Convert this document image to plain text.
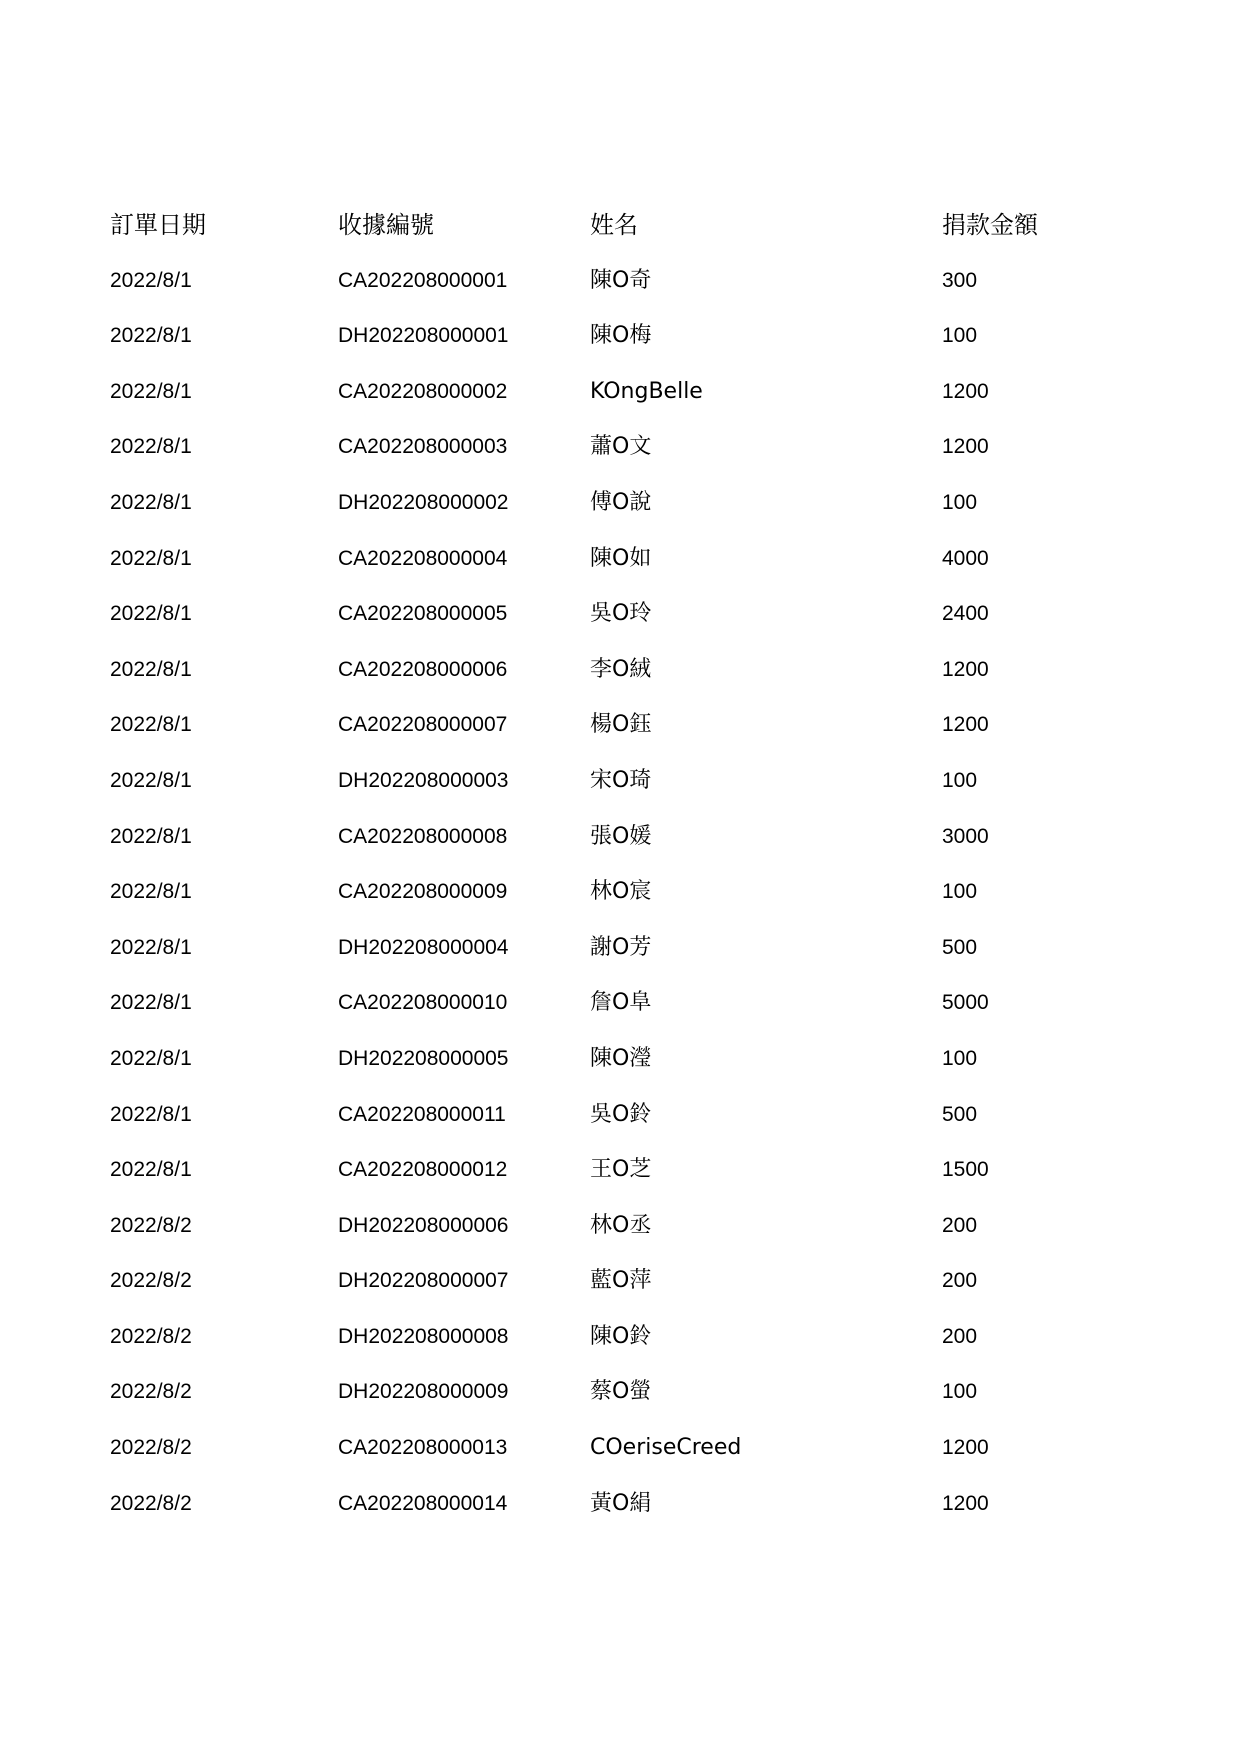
訂單日期	收據編號	姓名	捐款金額
2022/8/1	CA202208000001	陳O奇	300
2022/8/1	DH202208000001	陳O梅	100
2022/8/1	CA202208000002	KOngBelle	1200
2022/8/1	CA202208000003	蕭O文	1200
2022/8/1	DH202208000002	傅O說	100
2022/8/1	CA202208000004	陳O如	4000
2022/8/1	CA202208000005	吳O玲	2400
2022/8/1	CA202208000006	李O絨	1200
2022/8/1	CA202208000007	楊O鈺	1200
2022/8/1	DH202208000003	宋O琦	100
2022/8/1	CA202208000008	張O媛	3000
2022/8/1	CA202208000009	林O宸	100
2022/8/1	DH202208000004	謝O芳	500
2022/8/1	CA202208000010	詹O阜	5000
2022/8/1	DH202208000005	陳O瀅	100
2022/8/1	CA202208000011	吳O鈴	500
2022/8/1	CA202208000012	王O芝	1500
2022/8/2	DH202208000006	林O丞	200
2022/8/2	DH202208000007	藍O萍	200
2022/8/2	DH202208000008	陳O鈴	200
2022/8/2	DH202208000009	蔡O螢	100
2022/8/2	CA202208000013	COeriseCreed	1200
2022/8/2	CA202208000014	黃O絹	1200
